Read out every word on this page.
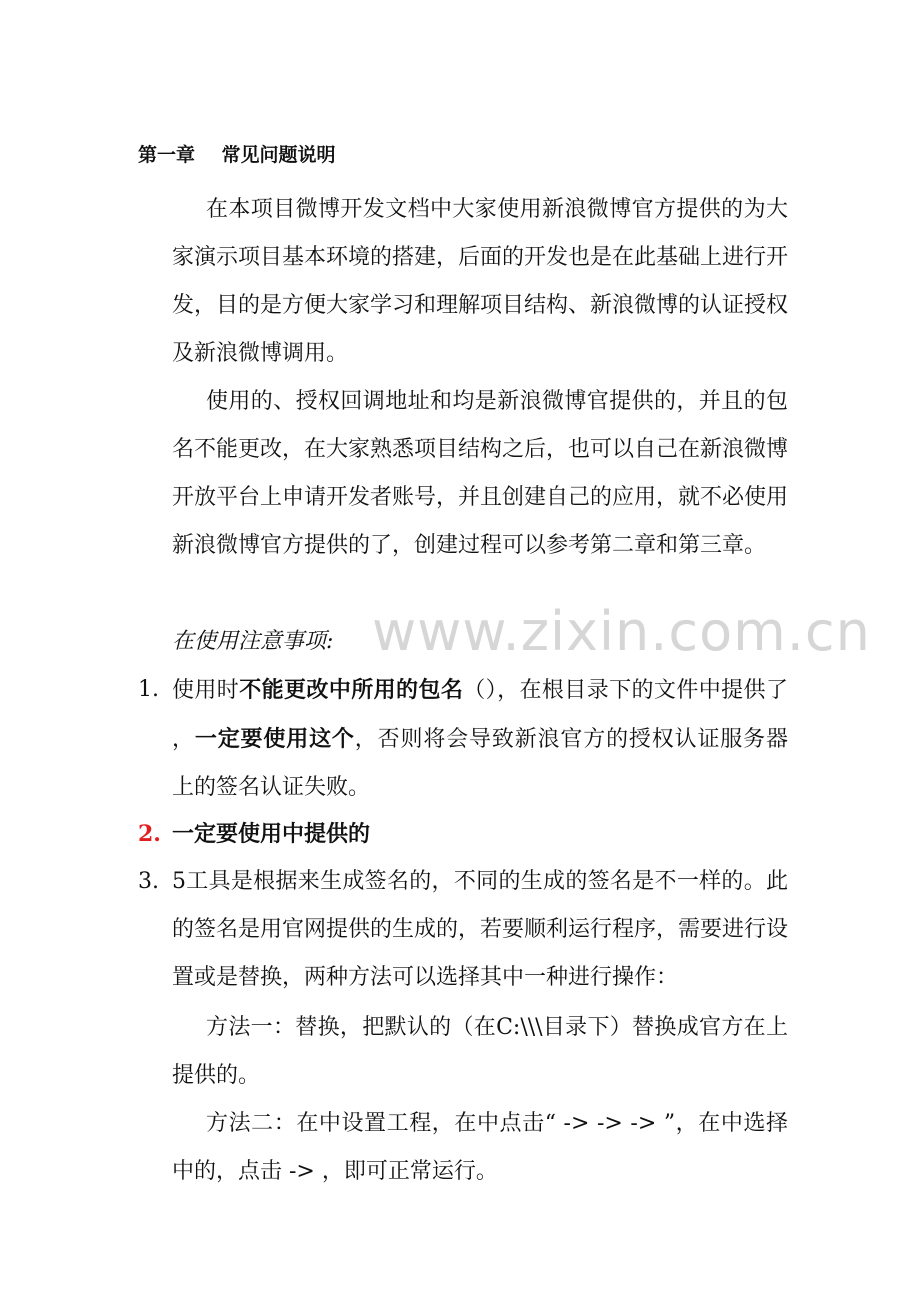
www.zixin.com.cn
第一章    常见问题说明
在本项目微博开发文档中大家使用新浪微博官方提供的为大家演示项目基本环境的搭建，后面的开发也是在此基础上进行开发，目的是方便大家学习和理解项目结构、新浪微博的认证授权及新浪微博调用。
使用的、授权回调地址和均是新浪微博官提供的，并且的包名不能更改，在大家熟悉项目结构之后，也可以自己在新浪微博开放平台上申请开发者账号，并且创建自己的应用，就不必使用新浪微博官方提供的了，创建过程可以参考第二章和第三章。
在使用注意事项:
1. 使用时不能更改中所用的包名（），在根目录下的文件中提供了 ，一定要使用这个，否则将会导致新浪官方的授权认证服务器上的签名认证失败。
2. 一定要使用中提供的
3. 5工具是根据来生成签名的，不同的生成的签名是不一样的。此的签名是用官网提供的生成的，若要顺利运行程序，需要进行设置或是替换，两种方法可以选择其中一种进行操作：
方法一：替换，把默认的（在C:\\\目录下）替换成官方在上提供的。
方法二：在中设置工程，在中点击“ -> -> -> ”，在中选择中的，点击 -> ，即可正常运行。
